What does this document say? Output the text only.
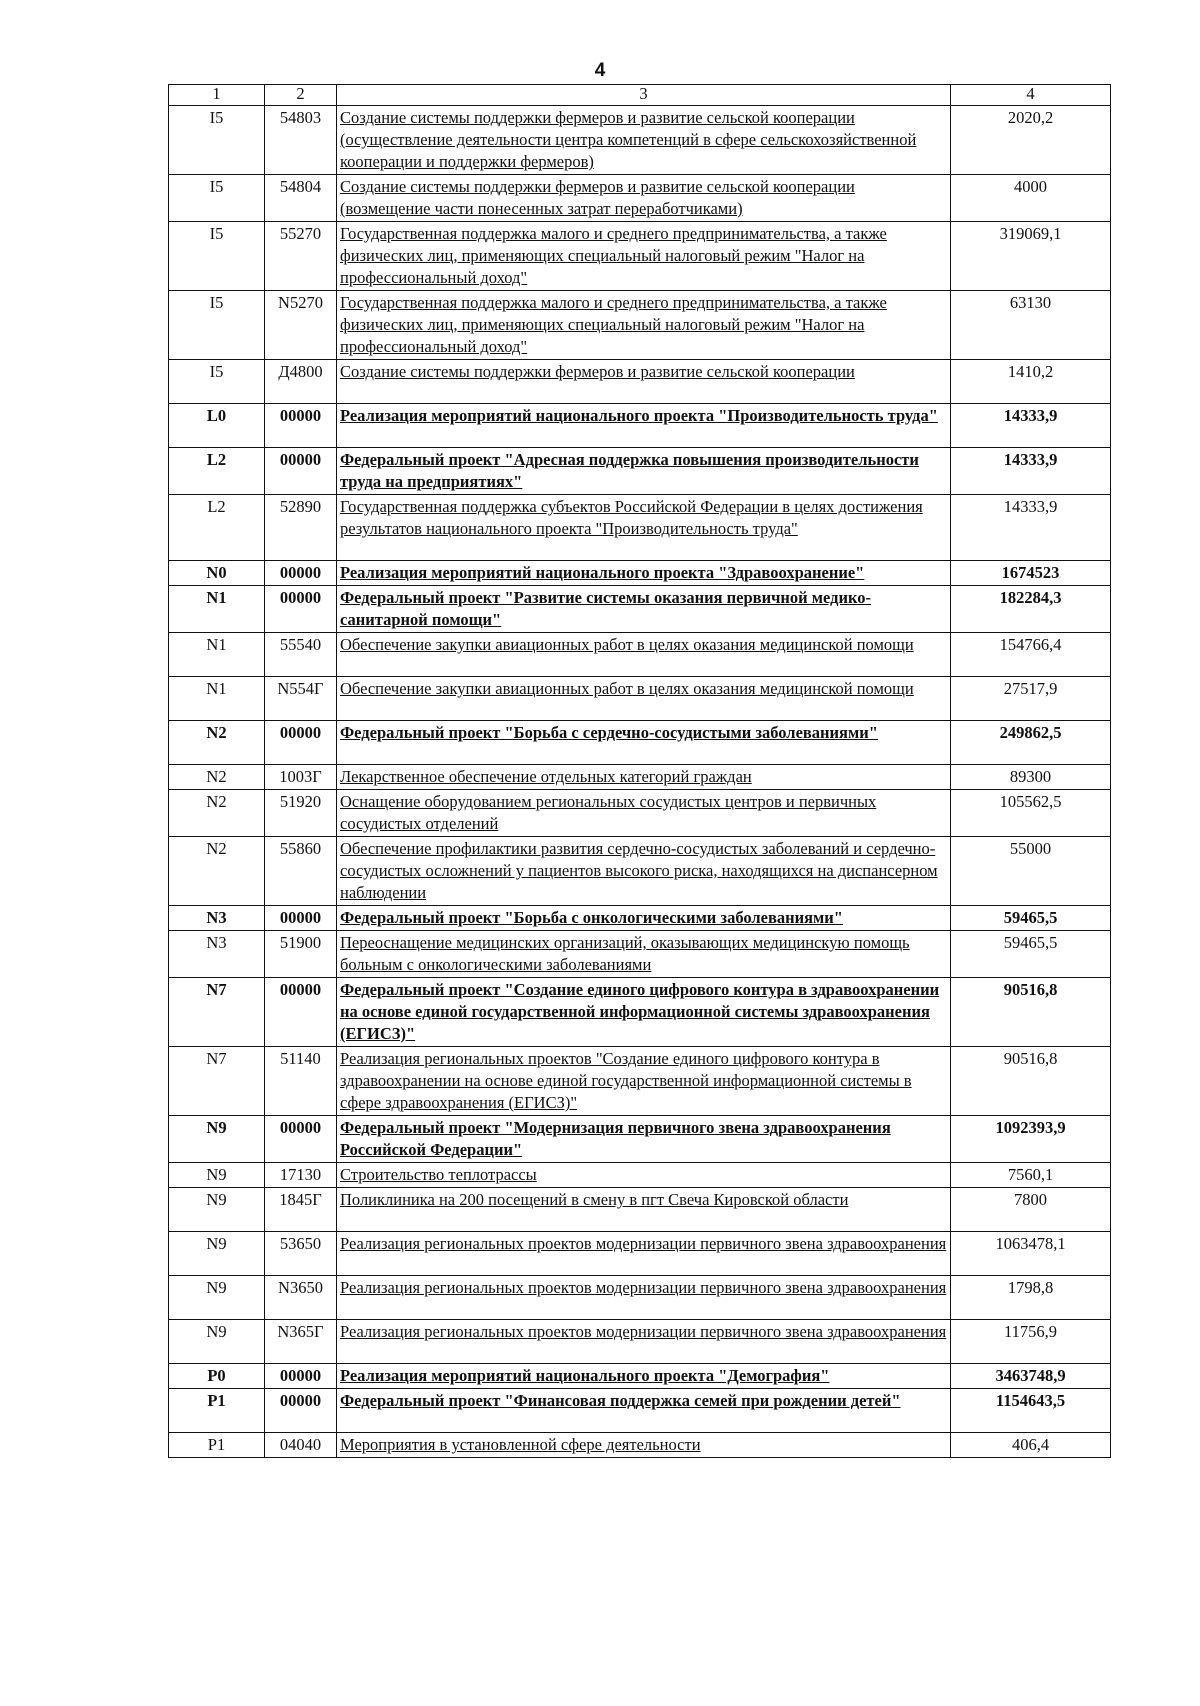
4
1	2	3	4
I5	54803	Создание системы поддержки фермеров и развитие сельской кооперации (осуществление деятельности центра компетенций в сфере сельскохозяйственной кооперации и поддержки фермеров)	2020,2
I5	54804	Создание системы поддержки фермеров и развитие сельской кооперации (возмещение части понесенных затрат переработчиками)	4000
I5	55270	Государственная поддержка малого и среднего предпринимательства, а также физических лиц, применяющих специальный налоговый режим "Налог на профессиональный доход"	319069,1
I5	N5270	Государственная поддержка малого и среднего предпринимательства, а также физических лиц, применяющих специальный налоговый режим "Налог на профессиональный доход"	63130
I5	Д4800	Создание системы поддержки фермеров и развитие сельской кооперации	1410,2
L0	00000	Реализация мероприятий национального проекта "Производительность труда"	14333,9
L2	00000	Федеральный проект "Адресная поддержка повышения производительности труда на предприятиях"	14333,9
L2	52890	Государственная поддержка субъектов Российской Федерации в целях достижения результатов национального проекта "Производительность труда"	14333,9
N0	00000	Реализация мероприятий национального проекта "Здравоохранение"	1674523
N1	00000	Федеральный проект "Развитие системы оказания первичной медико-санитарной помощи"	182284,3
N1	55540	Обеспечение закупки авиационных работ в целях оказания медицинской помощи	154766,4
N1	N554Г	Обеспечение закупки авиационных работ в целях оказания медицинской помощи	27517,9
N2	00000	Федеральный проект "Борьба с сердечно-сосудистыми заболеваниями"	249862,5
N2	1003Г	Лекарственное обеспечение отдельных категорий граждан	89300
N2	51920	Оснащение оборудованием региональных сосудистых центров и первичных сосудистых отделений	105562,5
N2	55860	Обеспечение профилактики развития сердечно-сосудистых заболеваний и сердечно-сосудистых осложнений у пациентов высокого риска, находящихся на диспансерном наблюдении	55000
N3	00000	Федеральный проект "Борьба с онкологическими заболеваниями"	59465,5
N3	51900	Переоснащение медицинских организаций, оказывающих медицинскую помощь больным с онкологическими заболеваниями	59465,5
N7	00000	Федеральный проект "Создание единого цифрового контура в здравоохранении на основе единой государственной информационной системы здравоохранения (ЕГИСЗ)"	90516,8
N7	51140	Реализация региональных проектов "Создание единого цифрового контура в здравоохранении на основе единой государственной информационной системы в сфере здравоохранения (ЕГИСЗ)"	90516,8
N9	00000	Федеральный проект "Модернизация первичного звена здравоохранения Российской Федерации"	1092393,9
N9	17130	Строительство теплотрассы	7560,1
N9	1845Г	Поликлиника на 200 посещений в смену в пгт Свеча Кировской области	7800
N9	53650	Реализация региональных проектов модернизации первичного звена здравоохранения	1063478,1
N9	N3650	Реализация региональных проектов модернизации первичного звена здравоохранения	1798,8
N9	N365Г	Реализация региональных проектов модернизации первичного звена здравоохранения	11756,9
P0	00000	Реализация мероприятий национального проекта "Демография"	3463748,9
P1	00000	Федеральный проект "Финансовая поддержка семей при рождении детей"	1154643,5
P1	04040	Мероприятия в установленной сфере деятельности	406,4
